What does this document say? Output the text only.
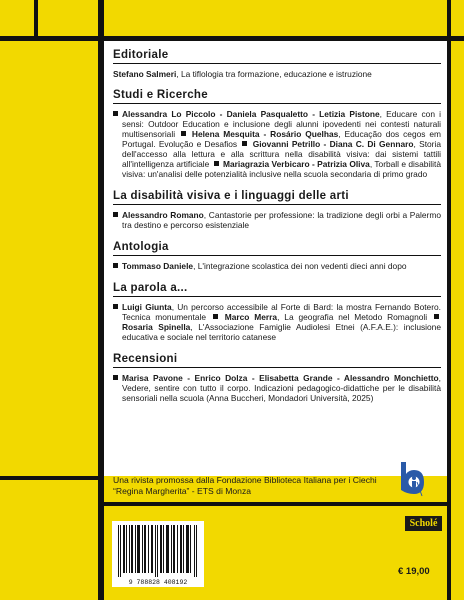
Editoriale
Stefano Salmeri, La tiflologia tra formazione, educazione e istruzione
Studi e Ricerche
Alessandra Lo Piccolo - Daniela Pasqualetto - Letizia Pistone, Educare con i sensi: Outdoor Education e inclusione degli alunni ipovedenti nei contesti naturali multisensoriali  Helena Mesquita - Rosário Quelhas, Educação dos cegos em Portugal. Evolução e Desafios  Giovanni Petrillo - Diana C. Di Gennaro, Storia dell'accesso alla lettura e alla scrittura nella disabilità visiva: dai sistemi tattili all'intelligenza artificiale  Mariagrazia Verbicaro - Patrizia Oliva, Torball e disabilità visiva: un'analisi delle potenzialità inclusive nella scuola secondaria di primo grado
La disabilità visiva e i linguaggi delle arti
Alessandro Romano, Cantastorie per professione: la tradizione degli orbi a Palermo tra destino e percorso esistenziale
Antologia
Tommaso Daniele, L'integrazione scolastica dei non vedenti dieci anni dopo
La parola a...
Luigi Giunta, Un percorso accessibile al Forte di Bard: la mostra Fernando Botero. Tecnica monumentale  Marco Merra, La geografia nel Metodo Romagnoli  Rosaria Spinella, L'Associazione Famiglie Audiolesi Etnei (A.F.A.E.): inclusione educativa e sociale nel territorio catanese
Recensioni
Marisa Pavone - Enrico Dolza - Elisabetta Grande - Alessandro Monchietto, Vedere, sentire con tutto il corpo. Indicazioni pedagogico-didattiche per le disabilità sensoriali nella scuola (Anna Buccheri, Mondadori Università, 2025)
Una rivista promossa dalla Fondazione Biblioteca Italiana per i Ciechi
“Regina Margherita” - ETS di Monza
Scholé
9 788828 408192
€ 19,00
